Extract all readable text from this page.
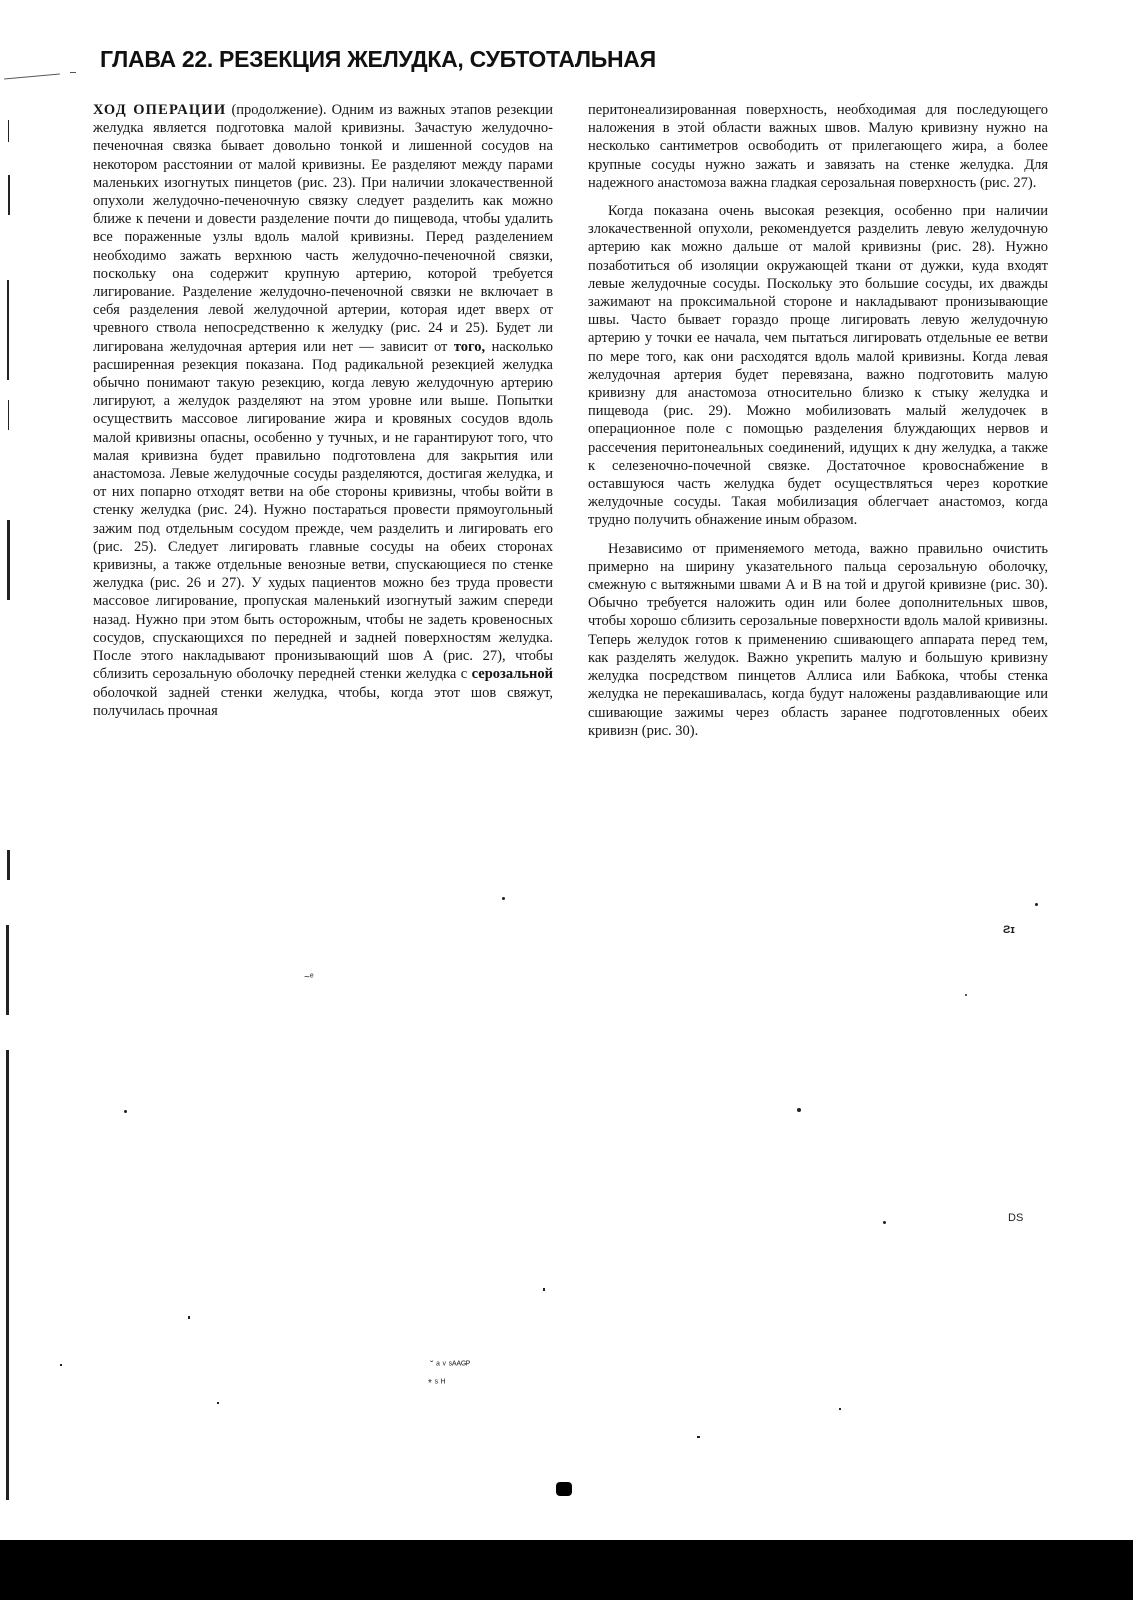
ГЛАВА 22. РЕЗЕКЦИЯ ЖЕЛУДКА, СУБТОТАЛЬНАЯ

ХОД ОПЕРАЦИИ (продолжение). Одним из важных этапов резекции желудка является подготовка малой кривизны. Зачастую желудочно-печеночная связка бывает довольно тонкой и лишенной сосудов на некотором расстоянии от малой кривизны. Ее разделяют между парами маленьких изогнутых пинцетов (рис. 23). При наличии злокачественной опухоли желудочно-печеночную связку следует разделить как можно ближе к печени и довести разделение почти до пищевода, чтобы удалить все пораженные узлы вдоль малой кривизны. Перед разделением необходимо зажать верхнюю часть желудочно-печеночной связки, поскольку она содержит крупную артерию, которой требуется лигирование. Разделение желудочно-печеночной связки не включает в себя разделения левой желудочной артерии, которая идет вверх от чревного ствола непосредственно к желудку (рис. 24 и 25). Будет ли лигирована желудочная артерия или нет — зависит от того, насколько расширенная резекция показана. Под радикальной резекцией желудка обычно понимают такую резекцию, когда левую желудочную артерию лигируют, а желудок разделяют на этом уровне или выше. Попытки осуществить массовое лигирование жира и кровяных сосудов вдоль малой кривизны опасны, особенно у тучных, и не гарантируют того, что малая кривизна будет правильно подготовлена для закрытия или анастомоза. Левые желудочные сосуды разделяются, достигая желудка, и от них попарно отходят ветви на обе стороны кривизны, чтобы войти в стенку желудка (рис. 24). Нужно постараться провести прямоугольный зажим под отдельным сосудом прежде, чем разделить и лигировать его (рис. 25). Следует лигировать главные сосуды на обеих сторонах кривизны, а также отдельные венозные ветви, спускающиеся по стенке желудка (рис. 26 и 27). У худых пациентов можно без труда провести массовое лигирование, пропуская маленький изогнутый зажим спереди назад. Нужно при этом быть осторожным, чтобы не задеть кровеносных сосудов, спускающихся по передней и задней поверхностям желудка. После этого накладывают пронизывающий шов А (рис. 27), чтобы сблизить серозальную оболочку передней стенки желудка с серозальной оболочкой задней стенки желудка, чтобы, когда этот шов свяжут, получилась прочная

перитонеализированная поверхность, необходимая для последующего наложения в этой области важных швов. Малую кривизну нужно на несколько сантиметров освободить от прилегающего жира, а более крупные сосуды нужно зажать и завязать на стенке желудка. Для надежного анастомоза важна гладкая серозальная поверхность (рис. 27).

Когда показана очень высокая резекция, особенно при наличии злокачественной опухоли, рекомендуется разделить левую желудочную артерию как можно дальше от малой кривизны (рис. 28). Нужно позаботиться об изоляции окружающей ткани от дужки, куда входят левые желудочные сосуды. Поскольку это большие сосуды, их дважды зажимают на проксимальной стороне и накладывают пронизывающие швы. Часто бывает гораздо проще лигировать левую желудочную артерию у точки ее начала, чем пытаться лигировать отдельные ее ветви по мере того, как они расходятся вдоль малой кривизны. Когда левая желудочная артерия будет перевязана, важно подготовить малую кривизну для анастомоза относительно близко к стыку желудка и пищевода (рис. 29). Можно мобилизовать малый желудочек в операционное поле с помощью разделения блуждающих нервов и рассечения перитонеальных соединений, идущих к дну желудка, а также к селезеночно-почечной связке. Достаточное кровоснабжение в оставшуюся часть желудка будет осуществляться через короткие желудочные сосуды. Такая мобилизация облегчает анастомоз, когда трудно получить обнажение иным образом.

Независимо от применяемого метода, важно правильно очистить примерно на ширину указательного пальца серозальную оболочку, смежную с вытяжными швами А и В на той и другой кривизне (рис. 30). Обычно требуется наложить один или более дополнительных швов, чтобы хорошо сблизить серозальные поверхности вдоль малой кривизны. Теперь желудок готов к применению сшивающего аппарата перед тем, как разделять желудок. Важно укрепить малую и большую кривизну желудка посредством пинцетов Аллиса или Бабкока, чтобы стенка желудка не перекашивалась, когда будут наложены раздавливающие или сшивающие зажимы через область заранее подготовленных обеих кривизн (рис. 30).

Ƨɪ
DS
ˇ ᵃ ᵛ ˢᴬᴬᴳᴾ
* ˢ ᴴ
~ᵉ
33
